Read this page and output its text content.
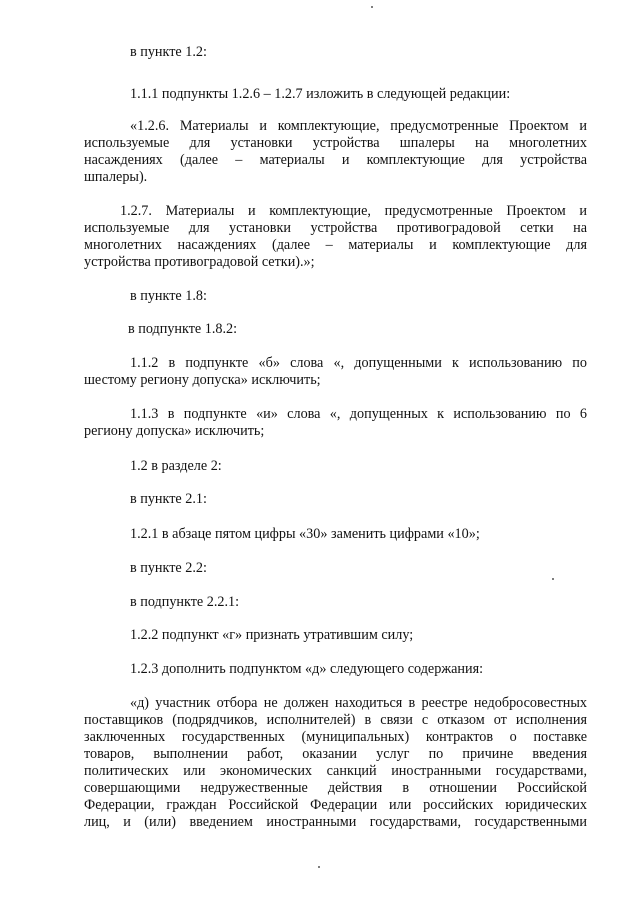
в пункте 1.2:
1.1.1 подпункты 1.2.6 – 1.2.7 изложить в следующей редакции:
«1.2.6. Материалы и комплектующие, предусмотренные Проектом и
используемые для установки устройства шпалеры на многолетних
насаждениях (далее – материалы и комплектующие для устройства
шпалеры).
1.2.7. Материалы и комплектующие, предусмотренные Проектом и
используемые для установки устройства противоградовой сетки на
многолетних насаждениях (далее – материалы и комплектующие для
устройства противоградовой сетки).»;
в пункте 1.8:
в подпункте 1.8.2:
1.1.2 в подпункте «б» слова «, допущенными к использованию по
шестому региону допуска» исключить;
1.1.3 в подпункте «и» слова «, допущенных к использованию по 6
региону допуска» исключить;
1.2 в разделе 2:
в пункте 2.1:
1.2.1 в абзаце пятом цифры «30» заменить цифрами «10»;
в пункте 2.2:
в подпункте 2.2.1:
1.2.2 подпункт «г» признать утратившим силу;
1.2.3 дополнить подпунктом «д» следующего содержания:
«д) участник отбора не должен находиться в реестре недобросовестных
поставщиков (подрядчиков, исполнителей) в связи с отказом от исполнения
заключенных государственных (муниципальных) контрактов о поставке
товаров, выполнении работ, оказании услуг по причине введения
политических или экономических санкций иностранными государствами,
совершающими недружественные действия в отношении Российской
Федерации, граждан Российской Федерации или российских юридических
лиц, и (или) введением иностранными государствами, государственными
